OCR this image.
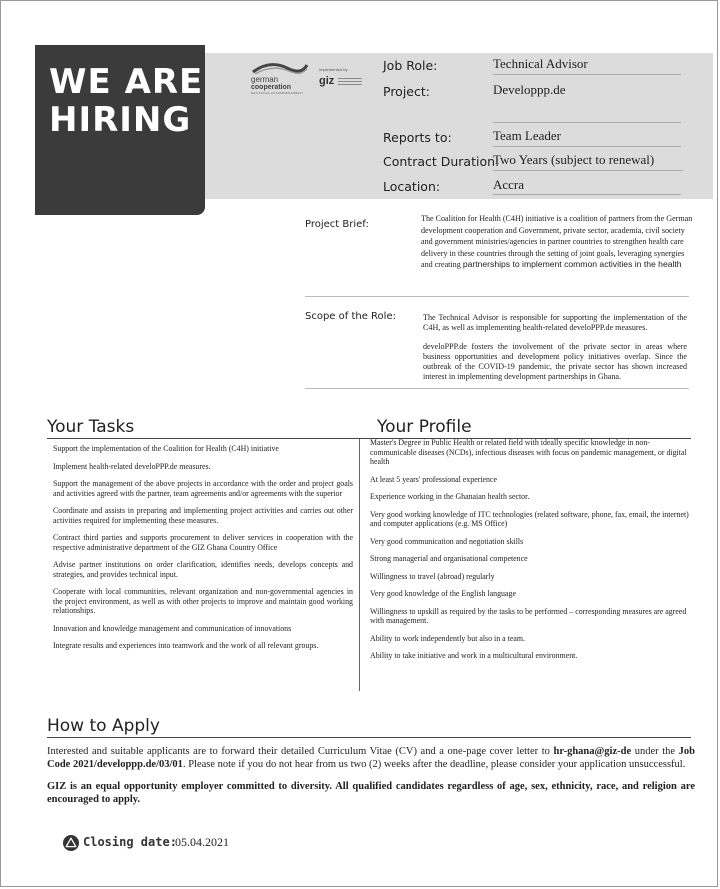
WE ARE
HIRING
german
cooperation
DEUTSCHE ZUSAMMENARBEIT
Implemented by
giz
Job Role:	Technical Advisor
Project:	Developpp.de
Reports to:	Team Leader
Contract Duration:
Two Years (subject to renewal)
Location:	Accra
Project Brief:
The Coalition for Health (C4H) initiative is a coalition of partners from the German development cooperation and Government, private sector, academia, civil society and government ministries/agencies in partner countries to strengthen health care delivery in these countries through the setting of joint goals, leveraging synergies and creating partnerships to implement common activities in the health
Scope of the Role:	The Technical Advisor is responsible for supporting the implementation of the C4H, as well as implementing health-related develoPPP.de measures.

develoPPP.de fosters the involvement of the private sector in areas where business opportunities and development policy initiatives overlap. Since the outbreak of the COVID-19 pandemic, the private sector has shown increased interest in implementing development partnerships in Ghana.

Your Tasks	Your Profile
Support the implementation of the Coalition for Health (C4H) initiative
Implement health-related develoPPP.de measures.
Support the management of the above projects in accordance with the order and project goals and activities agreed with the partner, team agreements and/or agreements with the superior
Coordinate and assists in preparing and implementing project activities and carries out other activities required for implementing these measures.
Contract third parties and supports procurement to deliver services in cooperation with the respective administrative department of the GIZ Ghana Country Office
Advise partner institutions on order clarification, identifies needs, develops concepts and strategies, and provides technical input.
Cooperate with local communities, relevant organization and non-governmental agencies in the project environment, as well as with other projects to improve and maintain good working relationships.
Innovation and knowledge management and communication of innovations
Integrate results and experiences into teamwork and the work of all relevant groups.
Master's Degree in Public Health or related field with ideally specific knowledge in non-communicable diseases (NCDs), infectious diseases with focus on pandemic management, or digital health
At least 5 years' professional experience
Experience working in the Ghanaian health sector.
Very good working knowledge of ITC technologies (related software, phone, fax, email, the internet) and computer applications (e.g. MS Office)
Very good communication and negotiation skills
Strong managerial and organisational competence
Willingness to travel (abroad) regularly
Very good knowledge of the English language
Willingness to upskill as required by the tasks to be performed – corresponding measures are agreed with management.
Ability to work independently but also in a team.
Ability to take initiative and work in a multicultural environment.
How to Apply

Interested and suitable applicants are to forward their detailed Curriculum Vitae (CV) and a one-page cover letter to hr-ghana@giz-de under the Job Code 2021/developpp.de/03/01. Please note if you do not hear from us two (2) weeks after the deadline, please consider your application unsuccessful.

GIZ is an equal opportunity employer committed to diversity. All qualified candidates regardless of age, sex, ethnicity, race, and religion are encouraged to apply.

Closing date:
05.04.2021
